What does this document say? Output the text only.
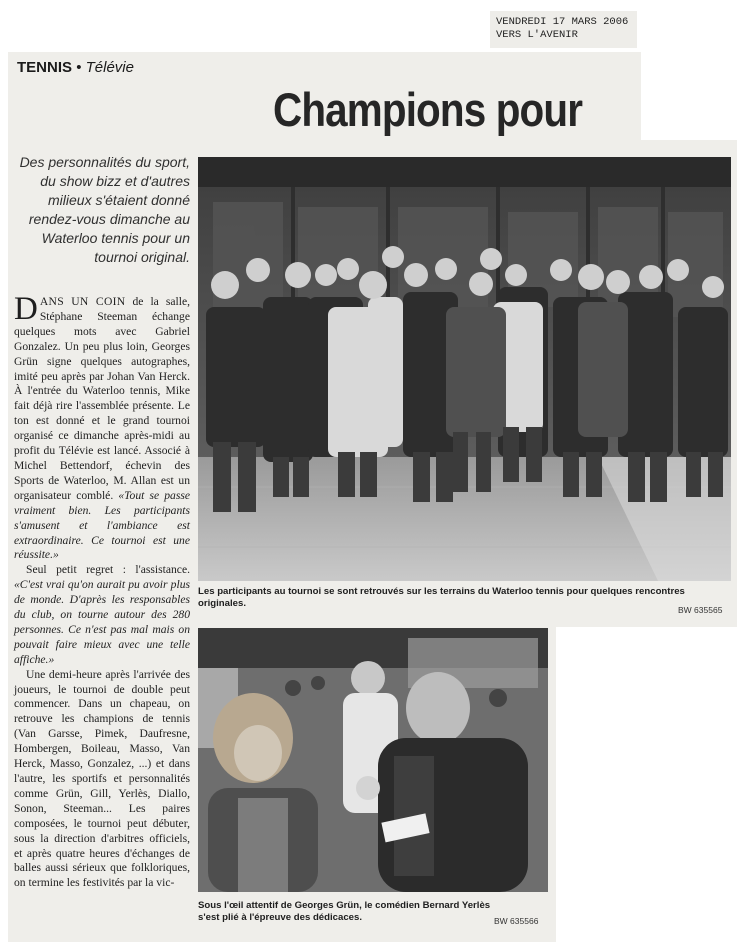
VENDREDI 17 MARS 2006
VERS L'AVENIR
TENNIS • Télévie
Champions pour
Des personnalités du sport, du show bizz et d'autres milieux s'étaient donné rendez-vous dimanche au Waterloo tennis pour un tournoi original.

DANS UN COIN de la salle, Stéphane Steeman échange quelques mots avec Gabriel Gonzalez. Un peu plus loin, Georges Grün signe quelques autographes, imité peu après par Johan Van Herck. À l'entrée du Waterloo tennis, Mike fait déjà rire l'assemblée présente. Le ton est donné et le grand tournoi organisé ce dimanche après-midi au profit du Télévie est lancé. Associé à Michel Bettendorf, échevin des Sports de Waterloo, M. Allan est un organisateur comblé. «Tout se passe vraiment bien. Les participants s'amusent et l'ambiance est extraordinaire. Ce tournoi est une réussite.»

Seul petit regret : l'assistance. «C'est vrai qu'on aurait pu avoir plus de monde. D'après les responsables du club, on tourne autour des 280 personnes. Ce n'est pas mal mais on pouvait faire mieux avec une telle affiche.»

Une demi-heure après l'arrivée des joueurs, le tournoi de double peut commencer. Dans un chapeau, on retrouve les champions de tennis (Van Garsse, Pimek, Daufresne, Hombergen, Boileau, Masso, Van Herck, Masso, Gonzalez, ...) et dans l'autre, les sportifs et personnalités comme Grün, Gill, Yerlès, Diallo, Sonon, Steeman... Les paires composées, le tournoi peut débuter, sous la direction d'arbitres officiels, et après quatre heures d'échanges de balles aussi sérieux que folkloriques, on termine les festivités par la vic-

Les participants au tournoi se sont retrouvés sur les terrains du Waterloo tennis pour quelques rencontres originales.
BW 635565
Sous l'œil attentif de Georges Grün, le comédien Bernard Yerlès s'est plié à l'épreuve des dédicaces.	BW 635566
